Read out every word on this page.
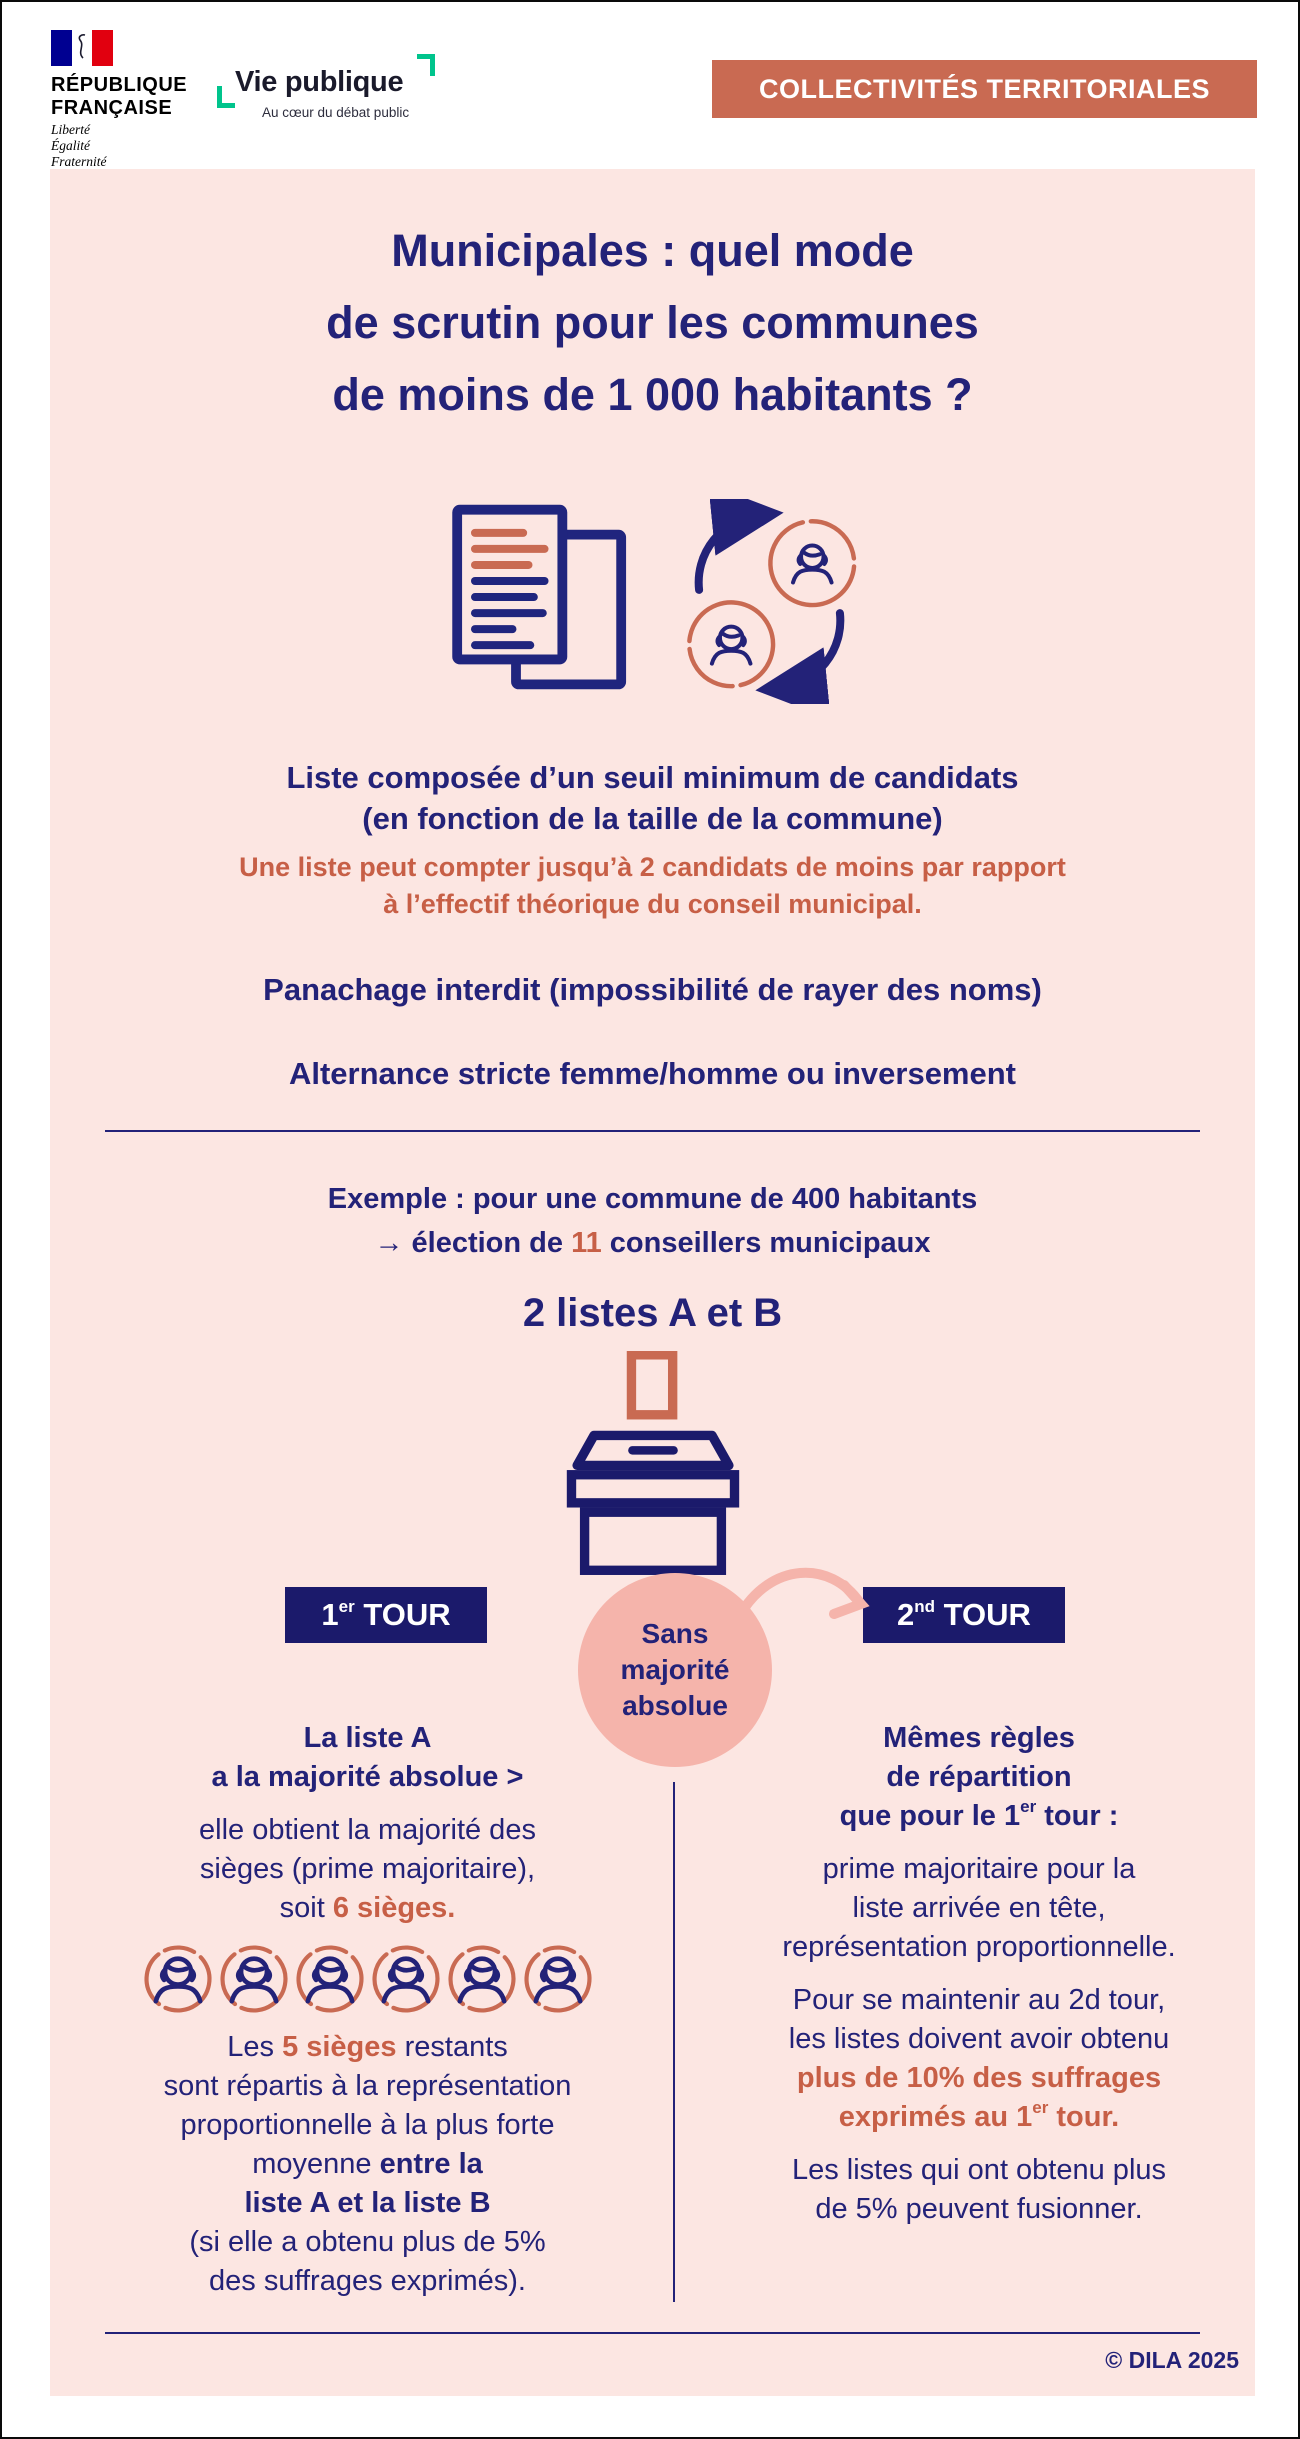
RÉPUBLIQUE
FRANÇAISE
Liberté
Égalité
Fraternité
Vie publique
Au cœur du débat public
COLLECTIVITÉS TERRITORIALES
Municipales : quel mode
de scrutin pour les communes
de moins de 1 000 habitants ?
Liste composée d’un seuil minimum de candidats
(en fonction de la taille de la commune)
Une liste peut compter jusqu’à 2 candidats de moins par rapport
à l’effectif théorique du conseil municipal.
Panachage interdit (impossibilité de rayer des noms)
Alternance stricte femme/homme ou inversement
Exemple : pour une commune de 400 habitants
→ élection de 11 conseillers municipaux
2 listes A et B
1 er TOUR	2 nd TOUR
Sans
majorité
absolue

La liste A
a la majorité absolue >

elle obtient la majorité des
sièges (prime majoritaire),
soit 6 sièges.

Les 5 sièges restants
sont répartis à la représentation
proportionnelle à la plus forte
moyenne entre la
liste A et la liste B
(si elle a obtenu plus de 5%
des suffrages exprimés).

Mêmes règles
de répartition
que pour le 1er tour :

prime majoritaire pour la
liste arrivée en tête,
représentation proportionnelle.

Pour se maintenir au 2d tour,
les listes doivent avoir obtenu
plus de 10% des suffrages
exprimés au 1er tour.

Les listes qui ont obtenu plus
de 5% peuvent fusionner.

© DILA 2025
